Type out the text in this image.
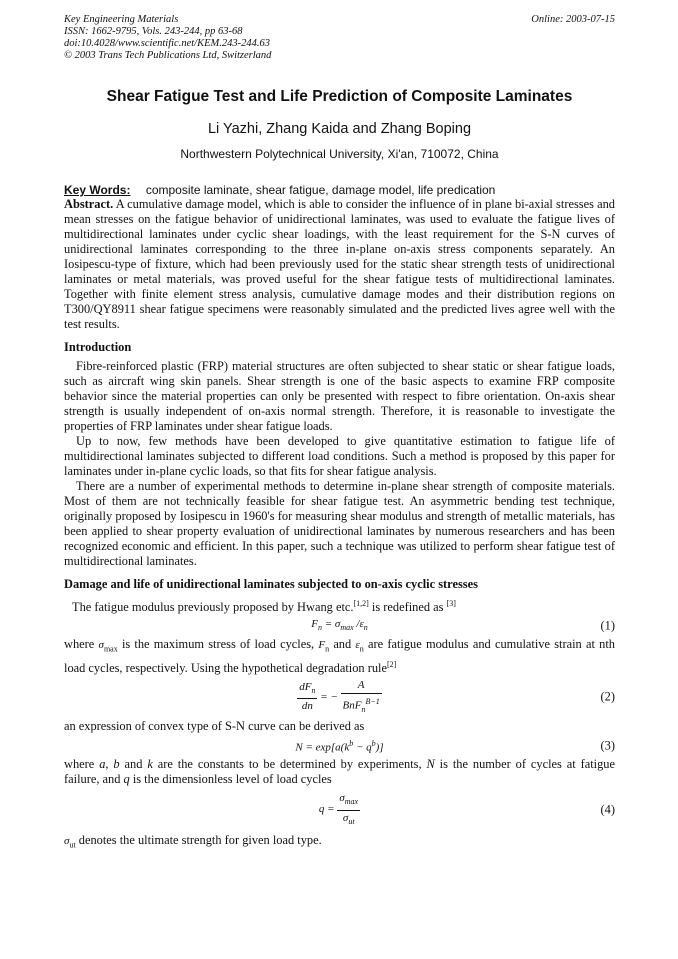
Key Engineering Materials
ISSN: 1662-9795, Vols. 243-244, pp 63-68
doi:10.4028/www.scientific.net/KEM.243-244.63
© 2003 Trans Tech Publications Ltd, Switzerland
Online: 2003-07-15
Shear Fatigue Test and Life Prediction of Composite Laminates
Li Yazhi, Zhang Kaida and Zhang Boping
Northwestern Polytechnical University, Xi'an, 710072, China
Key Words: composite laminate, shear fatigue, damage model, life predication

Abstract. A cumulative damage model, which is able to consider the influence of in plane bi-axial stresses and mean stresses on the fatigue behavior of unidirectional laminates, was used to evaluate the fatigue lives of multidirectional laminates under cyclic shear loadings, with the least requirement for the S-N curves of unidirectional laminates corresponding to the three in-plane on-axis stress components separately. An Iosipescu-type of fixture, which had been previously used for the static shear strength tests of unidirectional laminates or metal materials, was proved useful for the shear fatigue tests of multidirectional laminates. Together with finite element stress analysis, cumulative damage modes and their distribution regions on T300/QY8911 shear fatigue specimens were reasonably simulated and the predicted lives agree well with the test results.

Introduction

Fibre-reinforced plastic (FRP) material structures are often subjected to shear static or shear fatigue loads, such as aircraft wing skin panels. Shear strength is one of the basic aspects to examine FRP composite behavior since the material properties can only be presented with respect to fibre orientation. On-axis shear strength is usually independent of on-axis normal strength. Therefore, it is reasonable to investigate the properties of FRP laminates under shear fatigue loads.

Up to now, few methods have been developed to give quantitative estimation to fatigue life of multidirectional laminates subjected to different load conditions. Such a method is proposed by this paper for laminates under in-plane cyclic loads, so that fits for shear fatigue analysis.

There are a number of experimental methods to determine in-plane shear strength of composite materials. Most of them are not technically feasible for shear fatigue test. An asymmetric bending test technique, originally proposed by Iosipescu in 1960's for measuring shear modulus and strength of metallic materials, has been applied to shear property evaluation of unidirectional laminates by numerous researchers and has been recognized economic and efficient. In this paper, such a technique was utilized to perform shear fatigue test of multidirectional laminates.

Damage and life of unidirectional laminates subjected to on-axis cyclic stresses

The fatigue modulus previously proposed by Hwang etc.[1,2] is redefined as [3]

$F_n = \sigma_{max}$ $/\varepsilon_n$	(1)

where $\sigma_{max}$ is the maximum stress of load cycles, $F_n$ and $\varepsilon_n$ are fatigue modulus and cumulative strain at nth load cycles, respectively. Using the hypothetical degradation rule[2]

$\frac{dF_n}{dn}$ = − $\frac{A}{BnF_n^{B-1}}$	(2)

an expression of convex type of S-N curve can be derived as

$N = \exp[a(k^b - q^b)]$	(3)

where a, b and k are the constants to be determined by experiments, N is the number of cycles at fatigue failure, and q is the dimensionless level of load cycles

$q = \frac{\sigma_{max}}{\sigma_{ut}}$	(4)

$\sigma_{ut}$ denotes the ultimate strength for given load type.
